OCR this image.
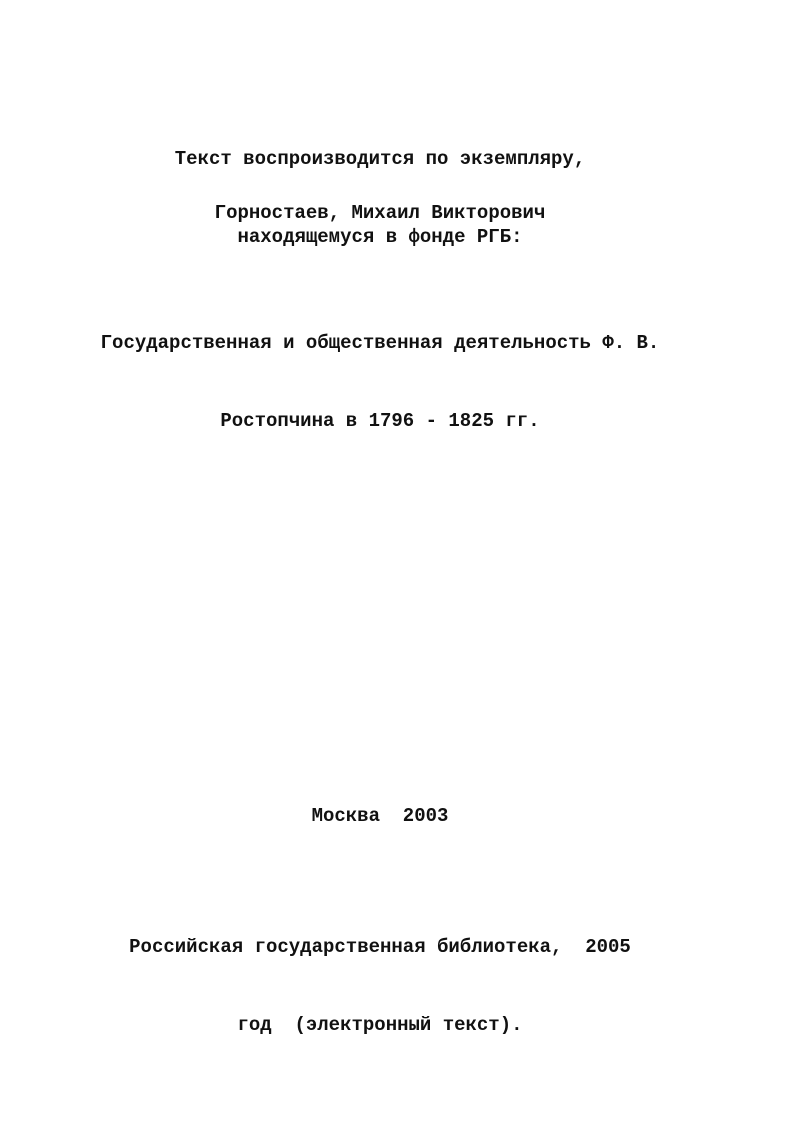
Текст воспроизводится по экземпляру,

находящемуся в фонде РГБ:

Горностаев, Михаил Викторович

Государственная и общественная деятельность Ф. В.

Ростопчина в 1796 - 1825 гг.

Москва  2003

Российская государственная библиотека,  2005

год  (электронный текст).
